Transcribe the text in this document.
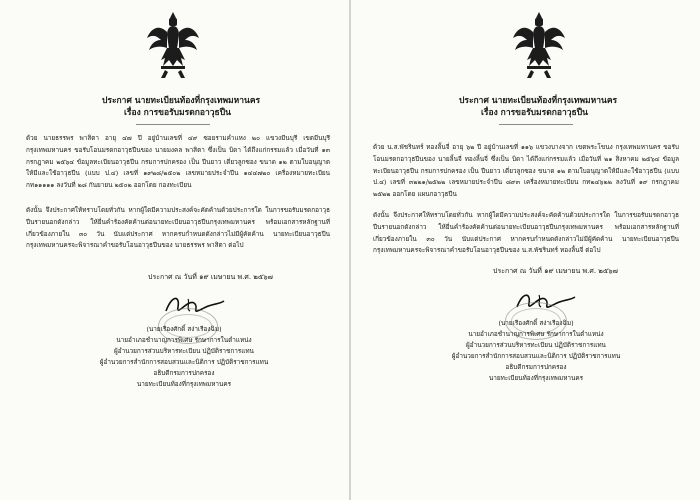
ประกาศ นายทะเบียนท้องที่กรุงเทพมหานคร
เรื่อง การขอรับมรดกอาวุธปืน

ด้วย นายธรรพร พาสิตา อายุ ๔๗ ปี อยู่บ้านเลขที่ ๔๙ ซอยรามคำแหง ๒๐ แขวงมีนบุรี เขตมีนบุรี กรุงเทพมหานคร ขอรับโอนมรดกอาวุธปืนของ นายมงคล พาสิตา ซึ่งเป็น บิดา ได้ถึงแก่กรรมแล้ว เมื่อวันที่ ๑๓ กรกฎาคม ๒๕๖๔ ข้อมูลทะเบียนอาวุธปืน กรมการปกครอง เป็น ปืนยาว เดี่ยวลูกซอง ขนาด ๑๒ ตามใบอนุญาตให้มีและใช้อาวุธปืน (แบบ ป.๔) เลขที่ ๑๙๒๘/๒๕๐๒ เลขหมายประจำปืน ๑๔๔๗๒๐ เครื่องหมายทะเบียน กท๑๑๑๑๑ ลงวันที่ ๒๘ กันยายน ๒๕๐๒ ออกโดย กองทะเบียน

ดังนั้น จึงประกาศให้ทราบโดยทั่วกัน หากผู้ใดมีความประสงค์จะคัดค้านด้วยประการใด ในการขอรับมรดกอาวุธปืนรายนอกดังกล่าว ให้ยื่นคำร้องคัดค้านต่อนายทะเบียนอาวุธปืนกรุงเทพมหานคร พร้อมเอกสารหลักฐานที่เกี่ยวข้องภายใน ๓๐ วัน นับแต่ประกาศ หากครบกำหนดดังกล่าวไม่มีผู้คัดค้าน นายทะเบียนอาวุธปืนกรุงเทพมหานครจะพิจารณาคำขอรับโอนอาวุธปืนของ นายธรรพร พาสิตา ต่อไป

ประกาศ ณ วันที่ ๑๙ เมษายน พ.ศ. ๒๕๖๗
(นายเรืองศักดิ์ สง่าเรืองฉิม)
นายอำเภอชำนาญการพิเศษ รักษาการในตำแหน่ง
ผู้อำนวยการส่วนบริหารทะเบียน ปฏิบัติราชการแทน
ผู้อำนวยการสำนักการสอบสวนและนิติการ ปฏิบัติราชการแทน
อธิบดีกรมการปกครอง
นายทะเบียนท้องที่กรุงเทพมหานคร
ประกาศ นายทะเบียนท้องที่กรุงเทพมหานคร
เรื่อง การขอรับมรดกอาวุธปืน

ด้วย น.ส.พัชรินทร์ ทองลิ้นจี่ อายุ ๖๒ ปี อยู่บ้านเลขที่ ๑๑๖ แขวงบางจาก เขตพระโขนง กรุงเทพมหานคร ขอรับโอนมรดกอาวุธปืนของ นายลิ้นจี่ ทองลิ้นจี่ ซึ่งเป็น บิดา ได้ถึงแก่กรรมแล้ว เมื่อวันที่ ๒๑ สิงหาคม ๒๕๖๔ ข้อมูลทะเบียนอาวุธปืน กรมการปกครอง เป็น ปืนยาว เดี่ยวลูกซอง ขนาด ๑๒ ตามใบอนุญาตให้มีและใช้อาวุธปืน (แบบ ป.๔) เลขที่ ๓๒๒๑/๒๕๒๒ เลขหมายประจำปืน ๘๙๓ เครื่องหมายทะเบียน กท๒๔๖๒๒ ลงวันที่ ๑๙ กรกฎาคม ๒๕๒๒ ออกโดย แผนกอาวุธปืน

ดังนั้น จึงประกาศให้ทราบโดยทั่วกัน หากผู้ใดมีความประสงค์จะคัดค้านด้วยประการใด ในการขอรับมรดกอาวุธปืนรายนอกดังกล่าว ให้ยื่นคำร้องคัดค้านต่อนายทะเบียนอาวุธปืนกรุงเทพมหานคร พร้อมเอกสารหลักฐานที่เกี่ยวข้องภายใน ๓๐ วัน นับแต่ประกาศ หากครบกำหนดดังกล่าวไม่มีผู้คัดค้าน นายทะเบียนอาวุธปืนกรุงเทพมหานครจะพิจารณาคำขอรับโอนอาวุธปืนของ น.ส.พัชรินทร์ ทองลิ้นจี่ ต่อไป

ประกาศ ณ วันที่ ๑๙ เมษายน พ.ศ. ๒๕๖๗
(นายเรืองศักดิ์ สง่าเรืองฉิม)
นายอำเภอชำนาญการพิเศษ รักษาการในตำแหน่ง
ผู้อำนวยการส่วนบริหารทะเบียน ปฏิบัติราชการแทน
ผู้อำนวยการสำนักการสอบสวนและนิติการ ปฏิบัติราชการแทน
อธิบดีกรมการปกครอง
นายทะเบียนท้องที่กรุงเทพมหานคร
